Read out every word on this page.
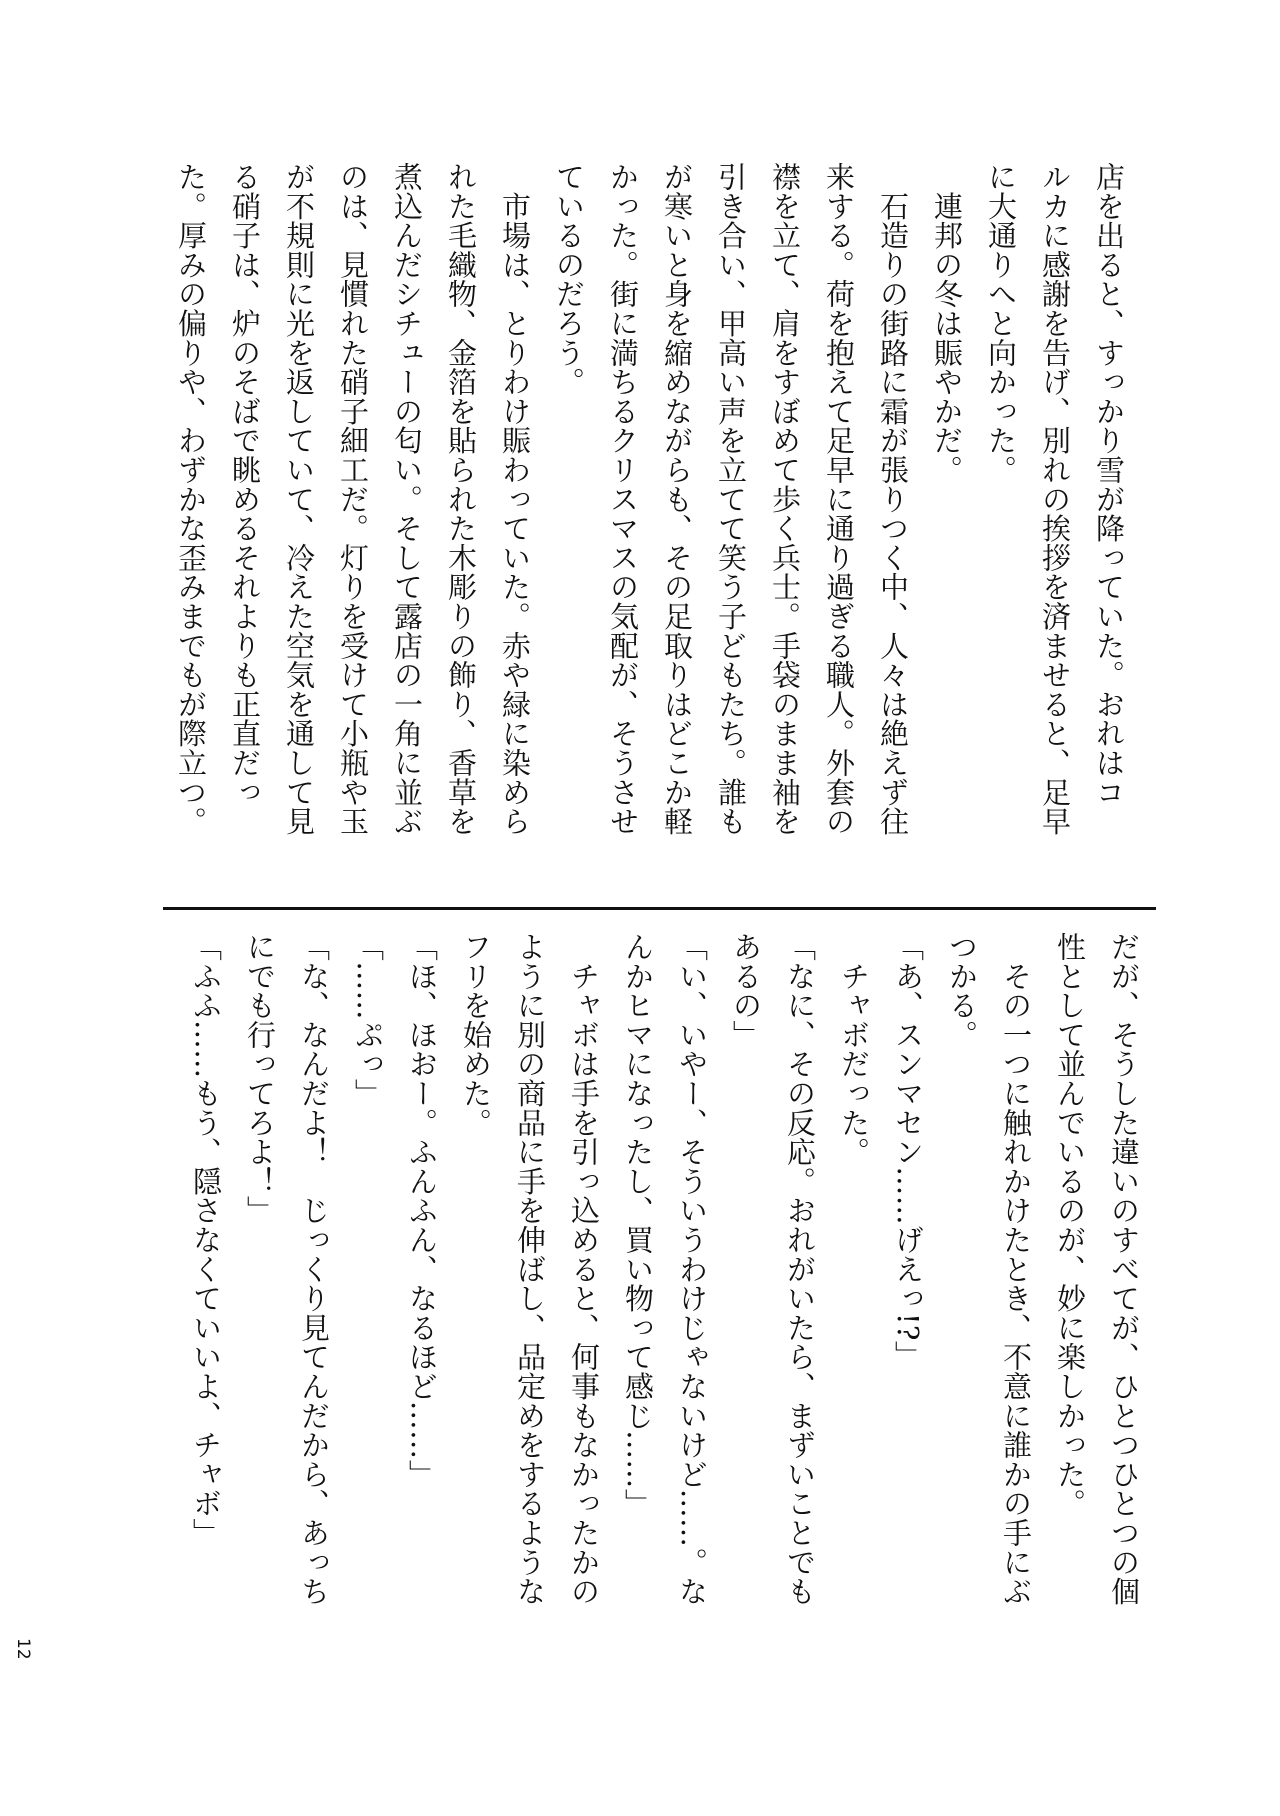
店を出ると、すっかり雪が降っていた。おれはコ
ルカに感謝を告げ、別れの挨拶を済ませると、足早
に大通りへと向かった。
　連邦の冬は賑やかだ。
　石造りの街路に霜が張りつく中、人々は絶えず往
来する。荷を抱えて足早に通り過ぎる職人。外套の
襟を立て、肩をすぼめて歩く兵士。手袋のまま袖を
引き合い、甲高い声を立てて笑う子どもたち。誰も
が寒いと身を縮めながらも、その足取りはどこか軽
かった。街に満ちるクリスマスの気配が、そうさせ
ているのだろう。
　市場は、とりわけ賑わっていた。赤や緑に染めら
れた毛織物、金箔を貼られた木彫りの飾り、香草を
煮込んだシチューの匂い。そして露店の一角に並ぶ
のは、見慣れた硝子細工だ。灯りを受けて小瓶や玉
が不規則に光を返していて、冷えた空気を通して見
る硝子は、炉のそばで眺めるそれよりも正直だっ
た。厚みの偏りや、わずかな歪みまでもが際立つ。
だが、そうした違いのすべてが、ひとつひとつの個
性として並んでいるのが、妙に楽しかった。
　その一つに触れかけたとき、不意に誰かの手にぶ
つかる。
「あ、スンマセン……げえっ!?」
　チャボだった。
「なに、その反応。おれがいたら、まずいことでも
あるの」
「い、いやー、そういうわけじゃないけど……。な
んかヒマになったし、買い物って感じ……」
　チャボは手を引っ込めると、何事もなかったかの
ように別の商品に手を伸ばし、品定めをするような
フリを始めた。
「ほ、ほおー。ふんふん、なるほど……」
「……ぷっ」
「な、なんだよ！　じっくり見てんだから、あっち
にでも行ってろよ！」
「ふふ……もう、隠さなくていいよ、チャボ」
12
